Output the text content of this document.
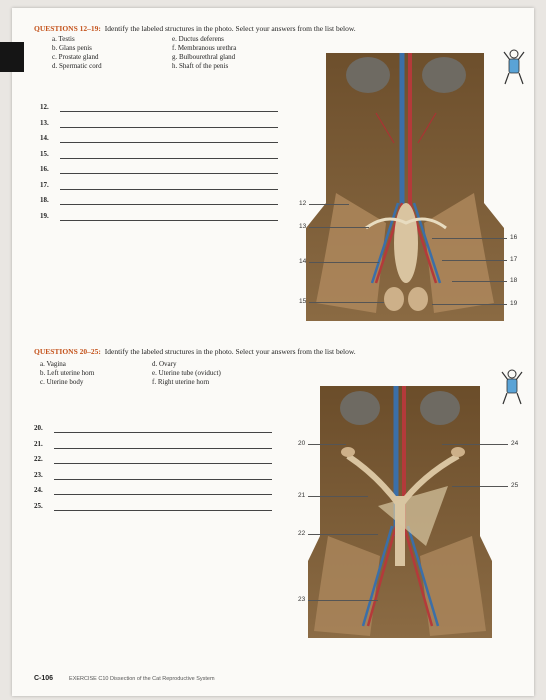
QUESTIONS 12–19: Identify the labeled structures in the photo. Select your answers from the list below.
a. Testis
b. Glans penis
c. Prostate gland
d. Spermatic cord
e. Ductus deferens
f. Membranous urethra
g. Bulbourethral gland
h. Shaft of the penis
12.
13.
14.
15.
16.
17.
18.
19.
12
13
14
15
16
17
18
19
QUESTIONS 20–25: Identify the labeled structures in the photo. Select your answers from the list below.
a. Vagina
b. Left uterine horn
c. Uterine body
d. Ovary
e. Uterine tube (oviduct)
f. Right uterine horn
20.
21.
22.
23.
24.
25.
20
21
22
23
24
25
C-106	EXERCISE C10 Dissection of the Cat Reproductive System
